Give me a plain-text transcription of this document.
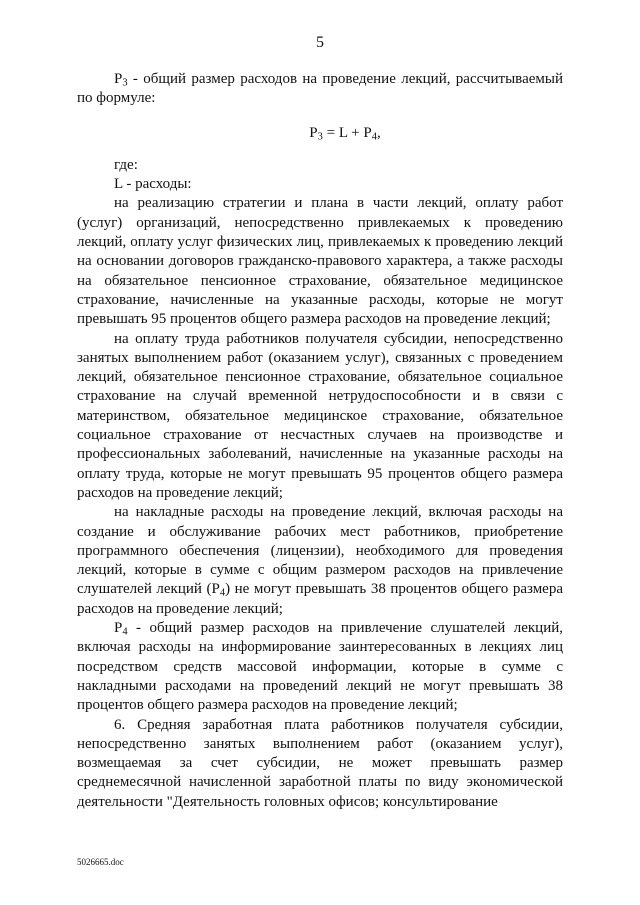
5

$Р_3$ - общий размер расходов на проведение лекций, рассчитываемый по формуле:

$Р_3 = L + Р_4$,

где:

L - расходы:

на реализацию стратегии и плана в части лекций, оплату работ (услуг) организаций, непосредственно привлекаемых к проведению лекций, оплату услуг физических лиц, привлекаемых к проведению лекций на основании договоров гражданско-правового характера, а также расходы на обязательное пенсионное страхование, обязательное медицинское страхование, начисленные на указанные расходы, которые не могут превышать 95 процентов общего размера расходов на проведение лекций;

на оплату труда работников получателя субсидии, непосредственно занятых выполнением работ (оказанием услуг), связанных с проведением лекций, обязательное пенсионное страхование, обязательное социальное страхование на случай временной нетрудоспособности и в связи с материнством, обязательное медицинское страхование, обязательное социальное страхование от несчастных случаев на производстве и профессиональных заболеваний, начисленные на указанные расходы на оплату труда, которые не могут превышать 95 процентов общего размера расходов на проведение лекций;

на накладные расходы на проведение лекций, включая расходы на создание и обслуживание рабочих мест работников, приобретение программного обеспечения (лицензии), необходимого для проведения лекций, которые в сумме с общим размером расходов на привлечение слушателей лекций $(Р_4)$ не могут превышать 38 процентов общего размера расходов на проведение лекций;

$Р_4$ - общий размер расходов на привлечение слушателей лекций, включая расходы на информирование заинтересованных в лекциях лиц посредством средств массовой информации, которые в сумме с накладными расходами на проведений лекций не могут превышать 38 процентов общего размера расходов на проведение лекций;

6. Средняя заработная плата работников получателя субсидии, непосредственно занятых выполнением работ (оказанием услуг), возмещаемая за счет субсидии, не может превышать размер среднемесячной начисленной заработной платы по виду экономической деятельности "Деятельность головных офисов; консультирование

5026665.doc
